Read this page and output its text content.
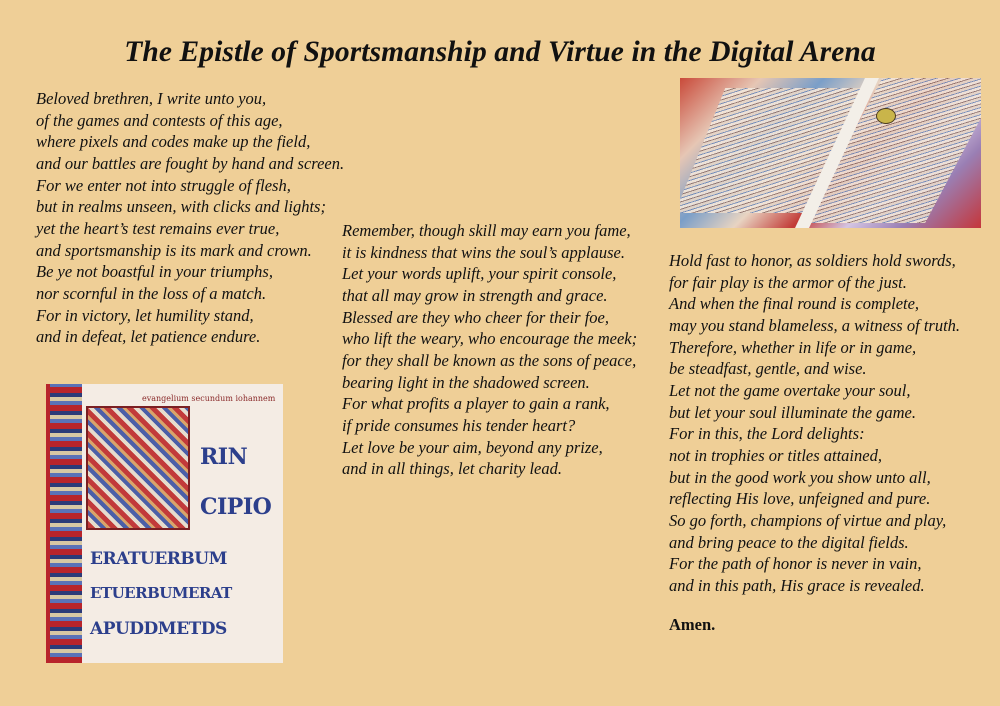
The Epistle of Sportsmanship and Virtue in the Digital Arena
Beloved brethren, I write unto you,
of the games and contests of this age,
where pixels and codes make up the field,
and our battles are fought by hand and screen.
For we enter not into struggle of flesh,
but in realms unseen, with clicks and lights;
yet the heart’s test remains ever true,
and sportsmanship is its mark and crown.
Be ye not boastful in your triumphs,
nor scornful in the loss of a match.
For in victory, let humility stand,
and in defeat, let patience endure.
Remember, though skill may earn you fame,
it is kindness that wins the soul’s applause.
Let your words uplift, your spirit console,
that all may grow in strength and grace.
Blessed are they who cheer for their foe,
who lift the weary, who encourage the meek;
for they shall be known as the sons of peace,
bearing light in the shadowed screen.
For what profits a player to gain a rank,
if pride consumes his tender heart?
Let love be your aim, beyond any prize,
and in all things, let charity lead.
Hold fast to honor, as soldiers hold swords,
for fair play is the armor of the just.
And when the final round is complete,
may you stand blameless, a witness of truth.
Therefore, whether in life or in game,
be steadfast, gentle, and wise.
Let not the game overtake your soul,
but let your soul illuminate the game.
For in this, the Lord delights:
not in trophies or titles attained,
but in the good work you show unto all,
reflecting His love, unfeigned and pure.
So go forth, champions of virtue and play,
and bring peace to the digital fields.
For the path of honor is never in vain,
and in this path, His grace is revealed.
Amen.
evangelium secundum iohannem
RIN
CIPIO
ERATUERBUM
ETUERBUMERAT
APUDDMETDS
